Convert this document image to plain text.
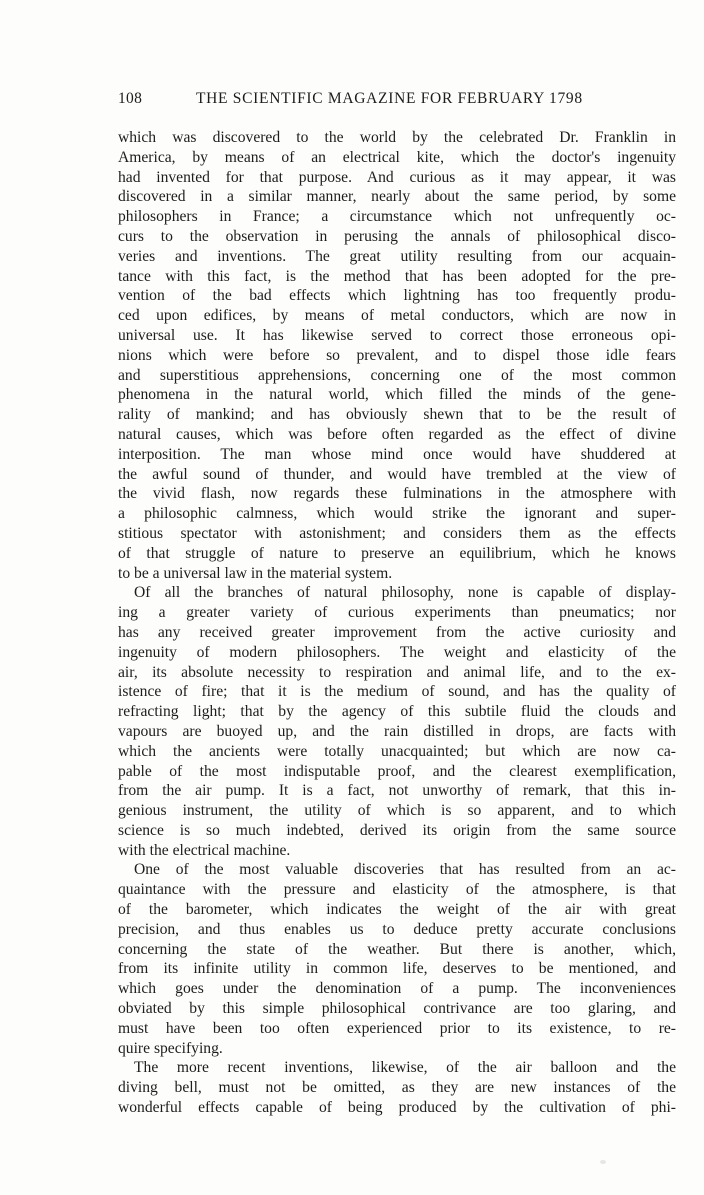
108	THE SCIENTIFIC MAGAZINE FOR FEBRUARY 1798
which was discovered to the world by the celebrated Dr. Franklin in
America, by means of an electrical kite, which the doctor's ingenuity
had invented for that purpose. And curious as it may appear, it was
discovered in a similar manner, nearly about the same period, by some
philosophers in France; a circumstance which not unfrequently oc-
curs to the observation in perusing the annals of philosophical disco-
veries and inventions. The great utility resulting from our acquain-
tance with this fact, is the method that has been adopted for the pre-
vention of the bad effects which lightning has too frequently produ-
ced upon edifices, by means of metal conductors, which are now in
universal use. It has likewise served to correct those erroneous opi-
nions which were before so prevalent, and to dispel those idle fears
and superstitious apprehensions, concerning one of the most common
phenomena in the natural world, which filled the minds of the gene-
rality of mankind; and has obviously shewn that to be the result of
natural causes, which was before often regarded as the effect of divine
interposition. The man whose mind once would have shuddered at
the awful sound of thunder, and would have trembled at the view of
the vivid flash, now regards these fulminations in the atmosphere with
a philosophic calmness, which would strike the ignorant and super-
stitious spectator with astonishment; and considers them as the effects
of that struggle of nature to preserve an equilibrium, which he knows
to be a universal law in the material system.
Of all the branches of natural philosophy, none is capable of display-
ing a greater variety of curious experiments than pneumatics; nor
has any received greater improvement from the active curiosity and
ingenuity of modern philosophers. The weight and elasticity of the
air, its absolute necessity to respiration and animal life, and to the ex-
istence of fire; that it is the medium of sound, and has the quality of
refracting light; that by the agency of this subtile fluid the clouds and
vapours are buoyed up, and the rain distilled in drops, are facts with
which the ancients were totally unacquainted; but which are now ca-
pable of the most indisputable proof, and the clearest exemplification,
from the air pump. It is a fact, not unworthy of remark, that this in-
genious instrument, the utility of which is so apparent, and to which
science is so much indebted, derived its origin from the same source
with the electrical machine.
One of the most valuable discoveries that has resulted from an ac-
quaintance with the pressure and elasticity of the atmosphere, is that
of the barometer, which indicates the weight of the air with great
precision, and thus enables us to deduce pretty accurate conclusions
concerning the state of the weather. But there is another, which,
from its infinite utility in common life, deserves to be mentioned, and
which goes under the denomination of a pump. The inconveniences
obviated by this simple philosophical contrivance are too glaring, and
must have been too often experienced prior to its existence, to re-
quire specifying.
The more recent inventions, likewise, of the air balloon and the
diving bell, must not be omitted, as they are new instances of the
wonderful effects capable of being produced by the cultivation of phi-
